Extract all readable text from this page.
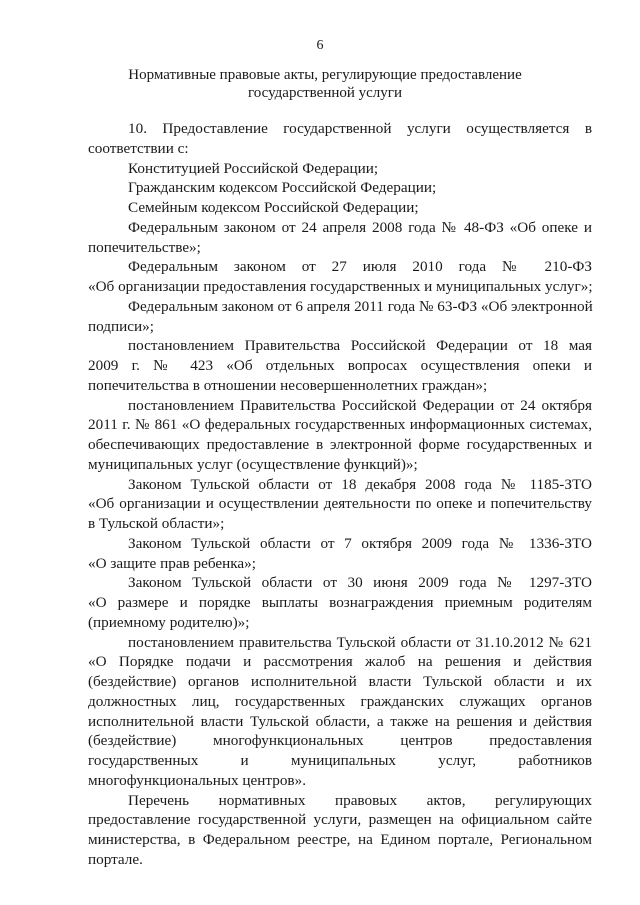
6
Нормативные правовые акты, регулирующие предоставление
государственной услуги
10. Предоставление государственной услуги осуществляется в
соответствии с:
Конституцией Российской Федерации;
Гражданским кодексом Российской Федерации;
Семейным кодексом Российской Федерации;
Федеральным законом от 24 апреля 2008 года № 48-ФЗ «Об опеке и
попечительстве»;
Федеральным законом от 27 июля 2010 года № 210-ФЗ
«Об организации предоставления государственных и муниципальных услуг»;
Федеральным законом от 6 апреля 2011 года № 63-ФЗ «Об электронной
подписи»;
постановлением Правительства Российской Федерации от 18 мая
2009 г. № 423 «Об отдельных вопросах осуществления опеки и
попечительства в отношении несовершеннолетних граждан»;
постановлением Правительства Российской Федерации от 24 октября
2011 г. № 861 «О федеральных государственных информационных системах,
обеспечивающих предоставление в электронной форме государственных и
муниципальных услуг (осуществление функций)»;
Законом Тульской области от 18 декабря 2008 года № 1185-ЗТО
«Об организации и осуществлении деятельности по опеке и попечительству
в Тульской области»;
Законом Тульской области от 7 октября 2009 года № 1336-ЗТО
«О защите прав ребенка»;
Законом Тульской области от 30 июня 2009 года № 1297-ЗТО
«О размере и порядке выплаты вознаграждения приемным родителям
(приемному родителю)»;
постановлением правительства Тульской области от 31.10.2012 № 621
«О Порядке подачи и рассмотрения жалоб на решения и действия
(бездействие) органов исполнительной власти Тульской области и их
должностных лиц, государственных гражданских служащих органов
исполнительной власти Тульской области, а также на решения и действия
(бездействие) многофункциональных центров предоставления
государственных и муниципальных услуг, работников
многофункциональных центров».
Перечень нормативных правовых актов, регулирующих
предоставление государственной услуги, размещен на официальном сайте
министерства, в Федеральном реестре, на Едином портале, Региональном
портале.
